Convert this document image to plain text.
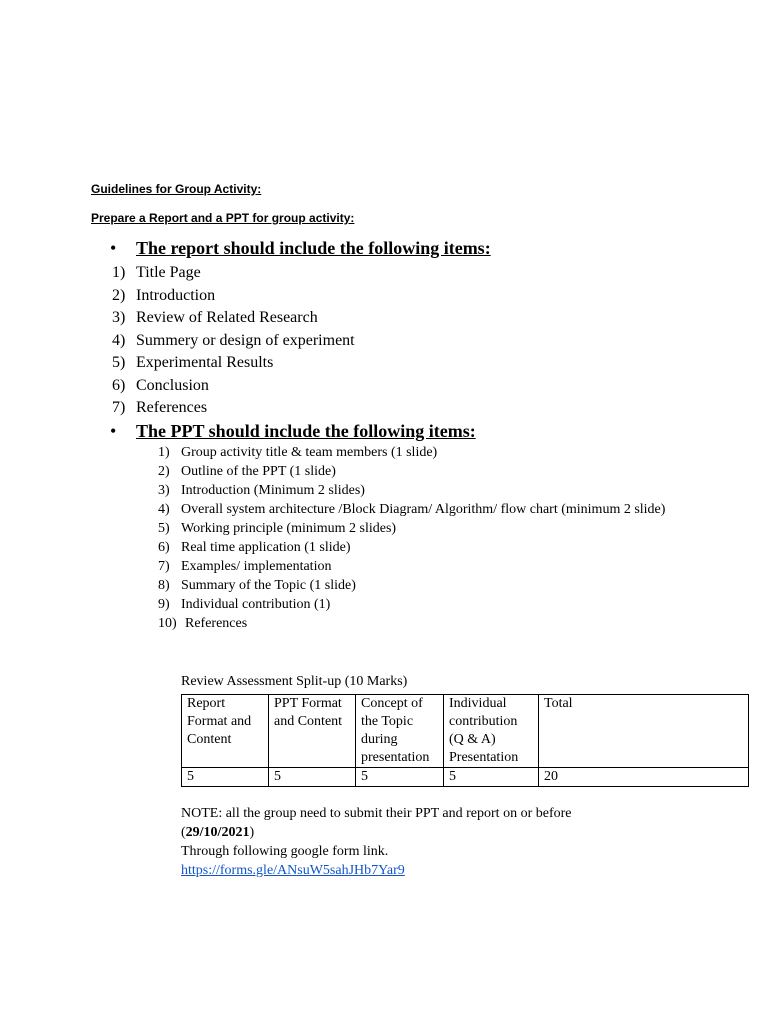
Guidelines for Group Activity:
Prepare a Report and a PPT for group activity:
• The report should include the following items:
1) Title Page
2) Introduction
3) Review of Related Research
4) Summery or design of experiment
5) Experimental Results
6) Conclusion
7) References
• The PPT should include the following items:
1) Group activity title & team members (1 slide)
2) Outline of the PPT (1 slide)
3) Introduction (Minimum 2 slides)
4) Overall system architecture /Block Diagram/ Algorithm/ flow chart (minimum 2 slide)
5) Working principle (minimum 2 slides)
6) Real time application (1 slide)
7) Examples/ implementation
8) Summary of the Topic (1 slide)
9) Individual contribution (1)
10) References
Review Assessment Split-up (10 Marks)
Report Format and Content	PPT Format and Content	Concept of the Topic during presentation	Individual contribution (Q & A) Presentation	Total
5	5	5	5	20
NOTE: all the group need to submit their PPT and report on or before
(29/10/2021)
Through following google form link.
https://forms.gle/ANsuW5sahJHb7Yar9
